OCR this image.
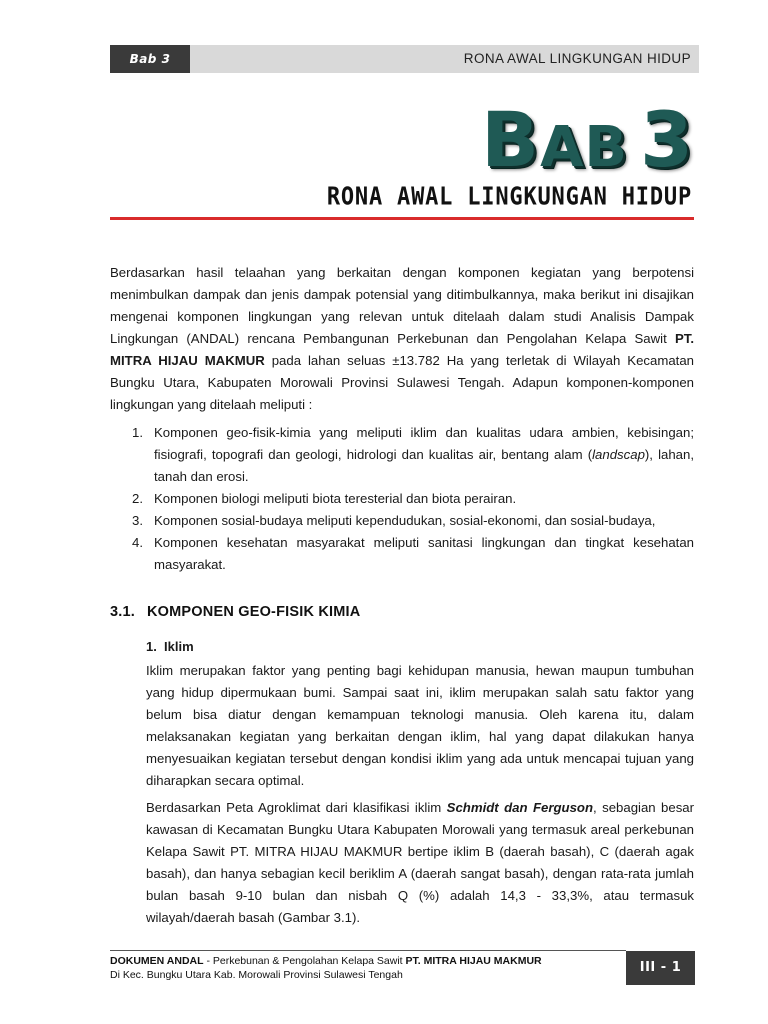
Bab 3	RONA AWAL LINGKUNGAN HIDUP
BAB 3
RONA AWAL LINGKUNGAN HIDUP

Berdasarkan hasil telaahan yang berkaitan dengan komponen kegiatan yang berpotensi menimbulkan dampak dan jenis dampak potensial yang ditimbulkannya, maka berikut ini disajikan mengenai komponen lingkungan yang relevan untuk ditelaah dalam studi Analisis Dampak Lingkungan (ANDAL) rencana Pembangunan Perkebunan dan Pengolahan Kelapa Sawit PT. MITRA HIJAU MAKMUR pada lahan seluas ±13.782 Ha yang terletak di Wilayah Kecamatan Bungku Utara, Kabupaten Morowali Provinsi Sulawesi Tengah. Adapun komponen-komponen lingkungan yang ditelaah meliputi :

1. Komponen geo-fisik-kimia yang meliputi iklim dan kualitas udara ambien, kebisingan; fisiografi, topografi dan geologi, hidrologi dan kualitas air, bentang alam (landscap), lahan, tanah dan erosi.
2. Komponen biologi meliputi biota teresterial dan biota perairan.
3. Komponen sosial-budaya meliputi kependudukan, sosial-ekonomi, dan sosial-budaya,
4. Komponen kesehatan masyarakat meliputi sanitasi lingkungan dan tingkat kesehatan masyarakat.
3.1. KOMPONEN GEO-FISIK KIMIA
1. Iklim

Iklim merupakan faktor yang penting bagi kehidupan manusia, hewan maupun tumbuhan yang hidup dipermukaan bumi. Sampai saat ini, iklim merupakan salah satu faktor yang belum bisa diatur dengan kemampuan teknologi manusia. Oleh karena itu, dalam melaksanakan kegiatan yang berkaitan dengan iklim, hal yang dapat dilakukan hanya menyesuaikan kegiatan tersebut dengan kondisi iklim yang ada untuk mencapai tujuan yang diharapkan secara optimal.

Berdasarkan Peta Agroklimat dari klasifikasi iklim Schmidt dan Ferguson, sebagian besar kawasan di Kecamatan Bungku Utara Kabupaten Morowali yang termasuk areal perkebunan Kelapa Sawit PT. MITRA HIJAU MAKMUR bertipe iklim B (daerah basah), C (daerah agak basah), dan hanya sebagian kecil beriklim A (daerah sangat basah), dengan rata-rata jumlah bulan basah 9-10 bulan dan nisbah Q (%) adalah 14,3 - 33,3%, atau termasuk wilayah/daerah basah (Gambar 3.1).

DOKUMEN ANDAL - Perkebunan & Pengolahan Kelapa Sawit PT. MITRA HIJAU MAKMUR
Di Kec. Bungku Utara Kab. Morowali Provinsi Sulawesi Tengah	III - 1
